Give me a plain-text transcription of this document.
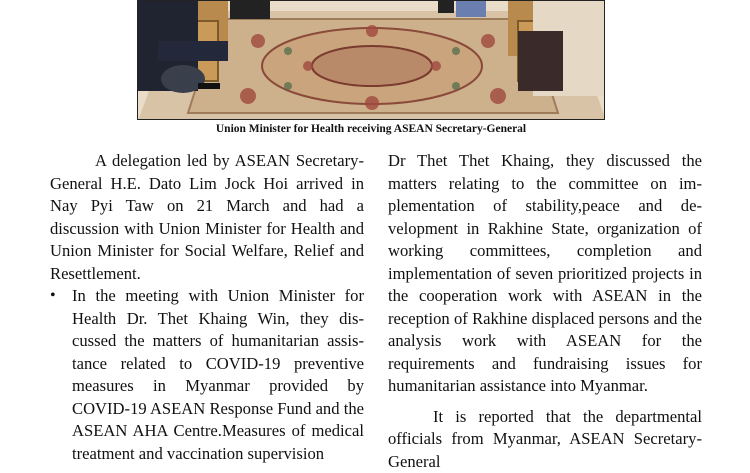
Union Minister for Health receiving ASEAN Secretary-General

A delegation led by ASEAN Secretary-General H.E. Dato Lim Jock Hoi arrived in Nay Pyi Taw on 21 March and had a discussion with Union Minister for Health and Union Minister for Social Welfare, Relief and Resettlement.

• In the meeting with Union Minister for Health Dr. Thet Khaing Win, they discussed the matters of humanitarian assistance related to COVID-19 preventive measures in Myanmar provided by COVID-19 ASEAN Response Fund and the ASEAN AHA Centre.Measures of medical treatment and vaccination supervision

Dr Thet Thet Khaing, they discussed the matters relating to the committee on implementation of stability,peace and development in Rakhine State, organization of working committees, completion and implementation of seven prioritized projects in the cooperation work with ASEAN in the reception of Rakhine displaced persons and the analysis work with ASEAN for the requirements and fundraising issues for humanitarian assistance into Myanmar.

It is reported that the departmental officials from Myanmar, ASEAN Secretary-General
